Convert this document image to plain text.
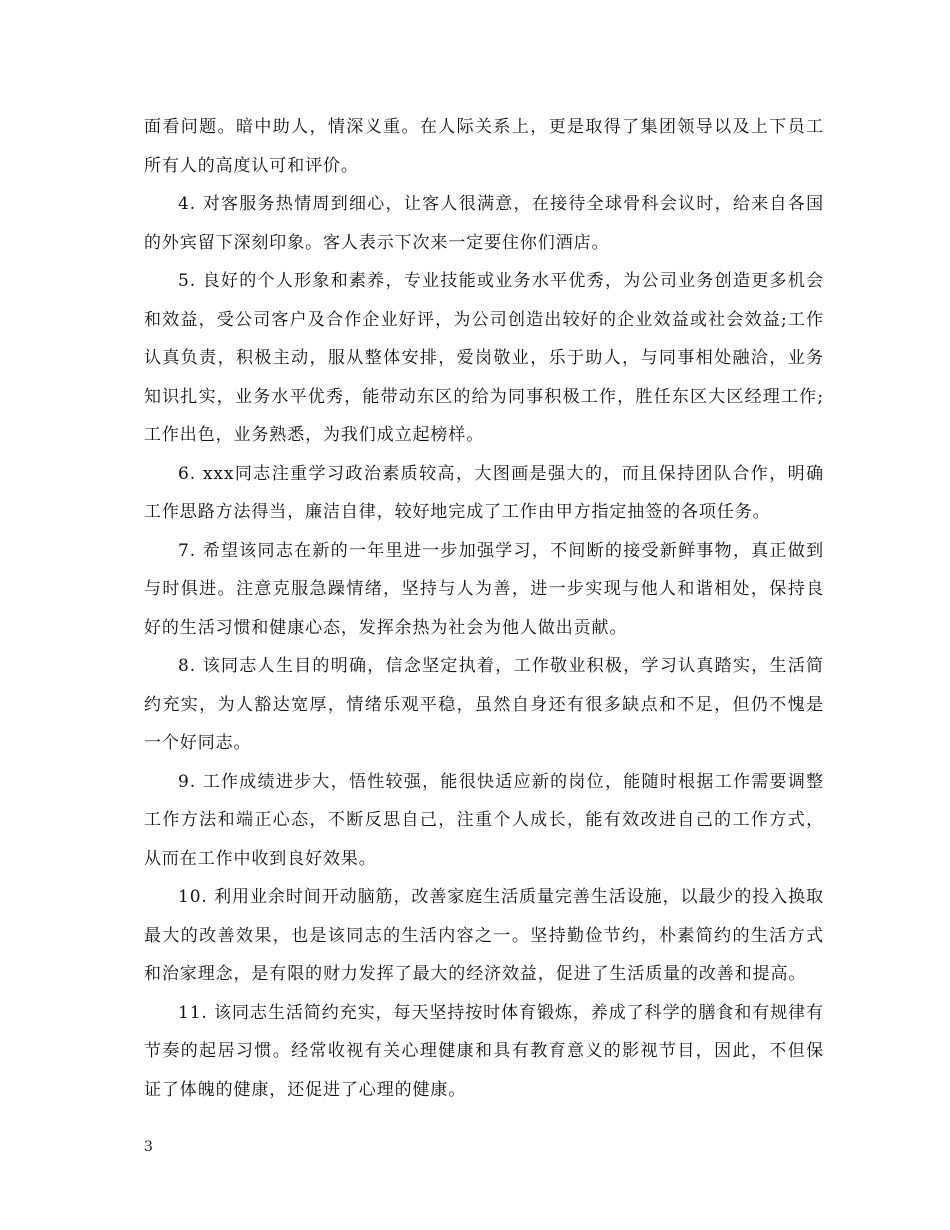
面看问题。暗中助人，情深义重。在人际关系上，更是取得了集团领导以及上下员工所有人的高度认可和评价。

4. 对客服务热情周到细心，让客人很满意，在接待全球骨科会议时，给来自各国的外宾留下深刻印象。客人表示下次来一定要住你们酒店。

5. 良好的个人形象和素养，专业技能或业务水平优秀，为公司业务创造更多机会和效益，受公司客户及合作企业好评，为公司创造出较好的企业效益或社会效益;工作认真负责，积极主动，服从整体安排，爱岗敬业，乐于助人，与同事相处融洽，业务知识扎实，业务水平优秀，能带动东区的给为同事积极工作，胜任东区大区经理工作;工作出色，业务熟悉，为我们成立起榜样。

6. xxx同志注重学习政治素质较高，大图画是强大的，而且保持团队合作，明确工作思路方法得当，廉洁自律，较好地完成了工作由甲方指定抽签的各项任务。

7. 希望该同志在新的一年里进一步加强学习，不间断的接受新鲜事物，真正做到与时俱进。注意克服急躁情绪，坚持与人为善，进一步实现与他人和谐相处，保持良好的生活习惯和健康心态，发挥余热为社会为他人做出贡献。

8. 该同志人生目的明确，信念坚定执着，工作敬业积极，学习认真踏实，生活简约充实，为人豁达宽厚，情绪乐观平稳，虽然自身还有很多缺点和不足，但仍不愧是一个好同志。

9. 工作成绩进步大，悟性较强，能很快适应新的岗位，能随时根据工作需要调整工作方法和端正心态，不断反思自己，注重个人成长，能有效改进自己的工作方式，从而在工作中收到良好效果。

10. 利用业余时间开动脑筋，改善家庭生活质量完善生活设施，以最少的投入换取最大的改善效果，也是该同志的生活内容之一。坚持勤俭节约，朴素简约的生活方式和治家理念，是有限的财力发挥了最大的经济效益，促进了生活质量的改善和提高。

11. 该同志生活简约充实，每天坚持按时体育锻炼，养成了科学的膳食和有规律有节奏的起居习惯。经常收视有关心理健康和具有教育意义的影视节目，因此，不但保证了体魄的健康，还促进了心理的健康。

3
